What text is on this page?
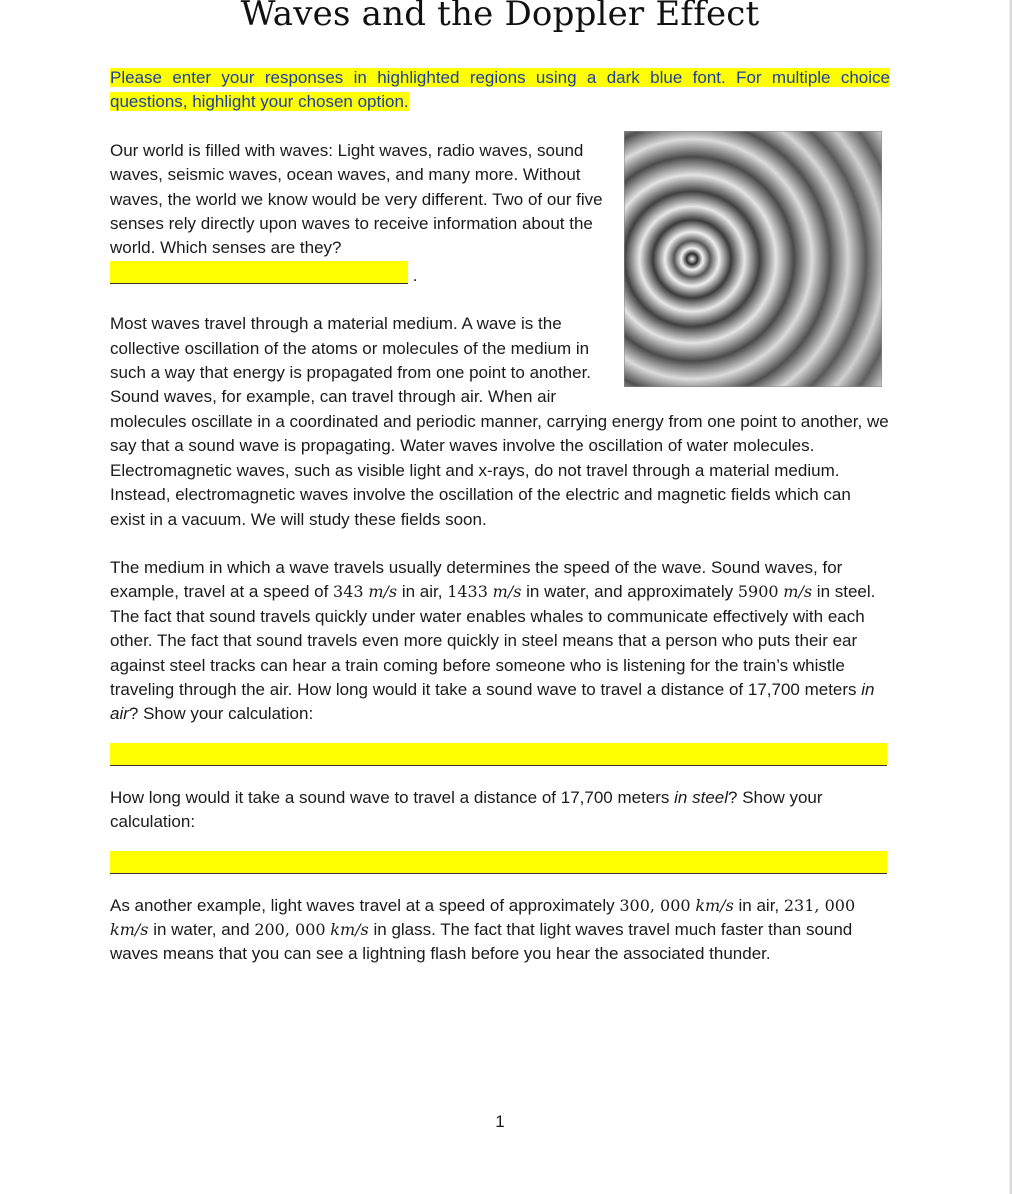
Waves and the Doppler Effect

Please enter your responses in highlighted regions using a dark blue font. For multiple choice questions, highlight your chosen option.

Our world is filled with waves: Light waves, radio waves, sound waves, seismic waves, ocean waves, and many more. Without waves, the world we know would be very different. Two of our five senses rely directly upon waves to receive information about the world. Which senses are they?
.

Most waves travel through a material medium. A wave is the collective oscillation of the atoms or molecules of the medium in such a way that energy is propagated from one point to another. Sound waves, for example, can travel through air. When air molecules oscillate in a coordinated and periodic manner, carrying energy from one point to another, we say that a sound wave is propagating. Water waves involve the oscillation of water molecules. Electromagnetic waves, such as visible light and x-rays, do not travel through a material medium. Instead, electromagnetic waves involve the oscillation of the electric and magnetic fields which can exist in a vacuum. We will study these fields soon.

The medium in which a wave travels usually determines the speed of the wave. Sound waves, for example, travel at a speed of 343 m/s in air, 1433 m/s in water, and approximately 5900 m/s in steel. The fact that sound travels quickly under water enables whales to communicate effectively with each other. The fact that sound travels even more quickly in steel means that a person who puts their ear against steel tracks can hear a train coming before someone who is listening for the train’s whistle traveling through the air. How long would it take a sound wave to travel a distance of 17,700 meters in air? Show your calculation:

How long would it take a sound wave to travel a distance of 17,700 meters in steel? Show your calculation:

As another example, light waves travel at a speed of approximately 300, 000 km/s in air, 231, 000 km/s in water, and 200, 000 km/s in glass. The fact that light waves travel much faster than sound waves means that you can see a lightning flash before you hear the associated thunder.

1
